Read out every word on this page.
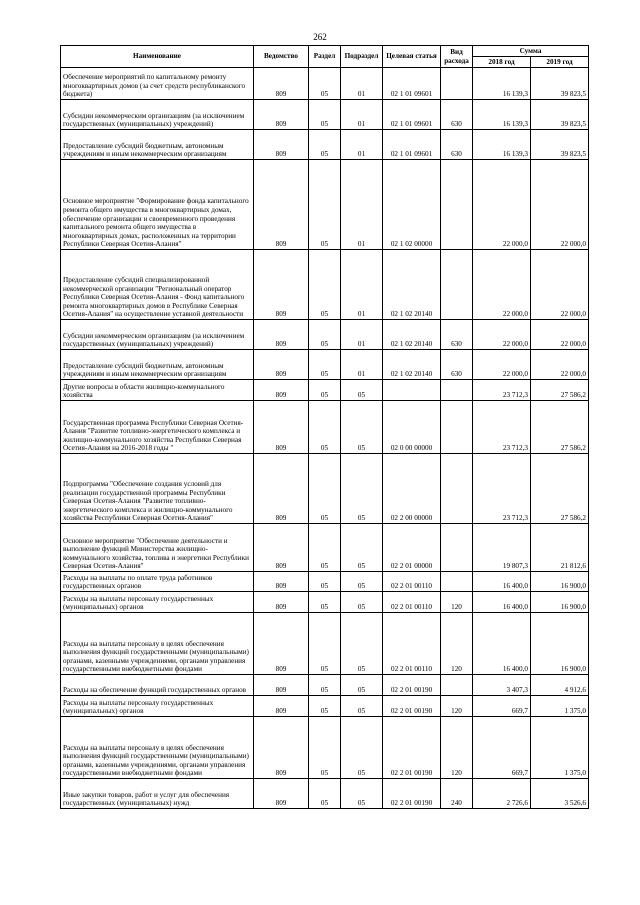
262
Наименование	Ведомство	Раздел	Подраздел	Целевая статья	Вид расхода	Сумма	
						2018 год	2019 год
Обеспечение мероприятий по капитальному ремонту многоквартирных домов (за счет средств республиканского бюджета)	809	05	01	02 1 01 09601		16 139,3	39 823,5
Субсидии некоммерческим организациям (за исключением государственных (муниципальных) учреждений)	809	05	01	02 1 01 09601	630	16 139,3	39 823,5
Предоставление субсидий бюджетным, автономным учреждениям и иным некоммерческим организациям	809	05	01	02 1 01 09601	630	16 139,3	39 823,5
Основное мероприятие "Формирование фонда капитального ремонта общего имущества в многоквартирных домах, обеспечение организации и своевременного проведения капитального ремонта общего имущества в многоквартирных домах, расположенных на территории Республики Северная Осетия-Алания"	809	05	01	02 1 02 00000		22 000,0	22 000,0
Предоставление субсидий специализированной некоммерческой организации "Региональный оператор Республики Северная Осетия-Алания - Фонд капитального ремонта многоквартирных домов в Республике Северная Осетия-Алания" на осуществление уставной деятельности	809	05	01	02 1 02 20140		22 000,0	22 000,0
Субсидии некоммерческим организациям (за исключением государственных (муниципальных) учреждений)	809	05	01	02 1 02 20140	630	22 000,0	22 000,0
Предоставление субсидий бюджетным, автономным учреждениям и иным некоммерческим организациям	809	05	01	02 1 02 20140	630	22 000,0	22 000,0
Другие вопросы в области жилищно-коммунального хозяйства	809	05	05			23 712,3	27 586,2
Государственная программа Республики Северная Осетия-Алания "Развитие топливно-энергетического комплекса и жилищно-коммунального хозяйства Республики Северная Осетия-Алания на 2016-2018 годы "	809	05	05	02 0 00 00000		23 712,3	27 586,2
Подпрограмма "Обеспечение создания условий для реализации государственной программы Республики Северная Осетия-Алания "Развитие топливно-энергетического комплекса и жилищно-коммунального хозяйства Республики Северная Осетия-Алания"	809	05	05	02 2 00 00000		23 712,3	27 586,2
Основное мероприятие "Обеспечение деятельности и выполнение функций Министерства жилищно-коммунального хозяйства, топлива и энергетики Республики Северная Осетия-Алания"	809	05	05	02 2 01 00000		19 807,3	21 812,6
Расходы на выплаты по оплате труда работников государственных органов	809	05	05	02 2 01 00110		16 400,0	16 900,0
Расходы на выплаты персоналу государственных (муниципальных) органов	809	05	05	02 2 01 00110	120	16 400,0	16 900,0
Расходы на выплаты персоналу в целях обеспечения выполнения функций государственными (муниципальными) органами, казенными учреждениями, органами управления государственными внебюджетными фондами	809	05	05	02 2 01 00110	120	16 400,0	16 900,0
Расходы на обеспечение функций государственных органов	809	05	05	02 2 01 00190		3 407,3	4 912,6
Расходы на выплаты персоналу государственных (муниципальных) органов	809	05	05	02 2 01 00190	120	669,7	1 375,0
Расходы на выплаты персоналу в целях обеспечения выполнения функций государственными (муниципальными) органами, казенными учреждениями, органами управления государственными внебюджетными фондами	809	05	05	02 2 01 00190	120	669,7	1 375,0
Иные закупки товаров, работ и услуг для обеспечения государственных (муниципальных) нужд	809	05	05	02 2 01 00190	240	2 726,6	3 526,6
